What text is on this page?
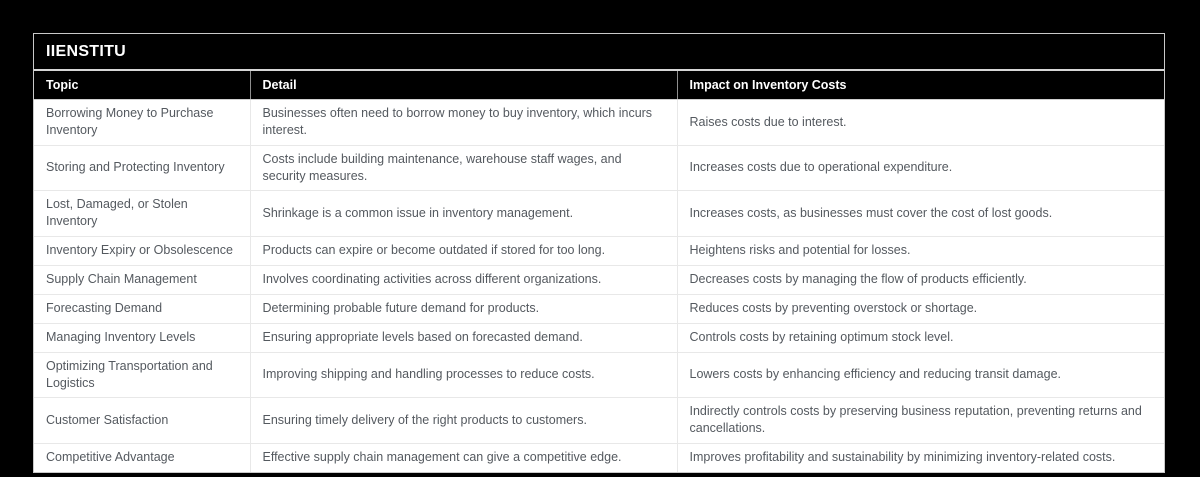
IIENSTITU
Topic	Detail	Impact on Inventory Costs
Borrowing Money to Purchase Inventory	Businesses often need to borrow money to buy inventory, which incurs interest.	Raises costs due to interest.
Storing and Protecting Inventory	Costs include building maintenance, warehouse staff wages, and security measures.	Increases costs due to operational expenditure.
Lost, Damaged, or Stolen Inventory	Shrinkage is a common issue in inventory management.	Increases costs, as businesses must cover the cost of lost goods.
Inventory Expiry or Obsolescence	Products can expire or become outdated if stored for too long.	Heightens risks and potential for losses.
Supply Chain Management	Involves coordinating activities across different organizations.	Decreases costs by managing the flow of products efficiently.
Forecasting Demand	Determining probable future demand for products.	Reduces costs by preventing overstock or shortage.
Managing Inventory Levels	Ensuring appropriate levels based on forecasted demand.	Controls costs by retaining optimum stock level.
Optimizing Transportation and Logistics	Improving shipping and handling processes to reduce costs.	Lowers costs by enhancing efficiency and reducing transit damage.
Customer Satisfaction	Ensuring timely delivery of the right products to customers.	Indirectly controls costs by preserving business reputation, preventing returns and cancellations.
Competitive Advantage	Effective supply chain management can give a competitive edge.	Improves profitability and sustainability by minimizing inventory-related costs.
